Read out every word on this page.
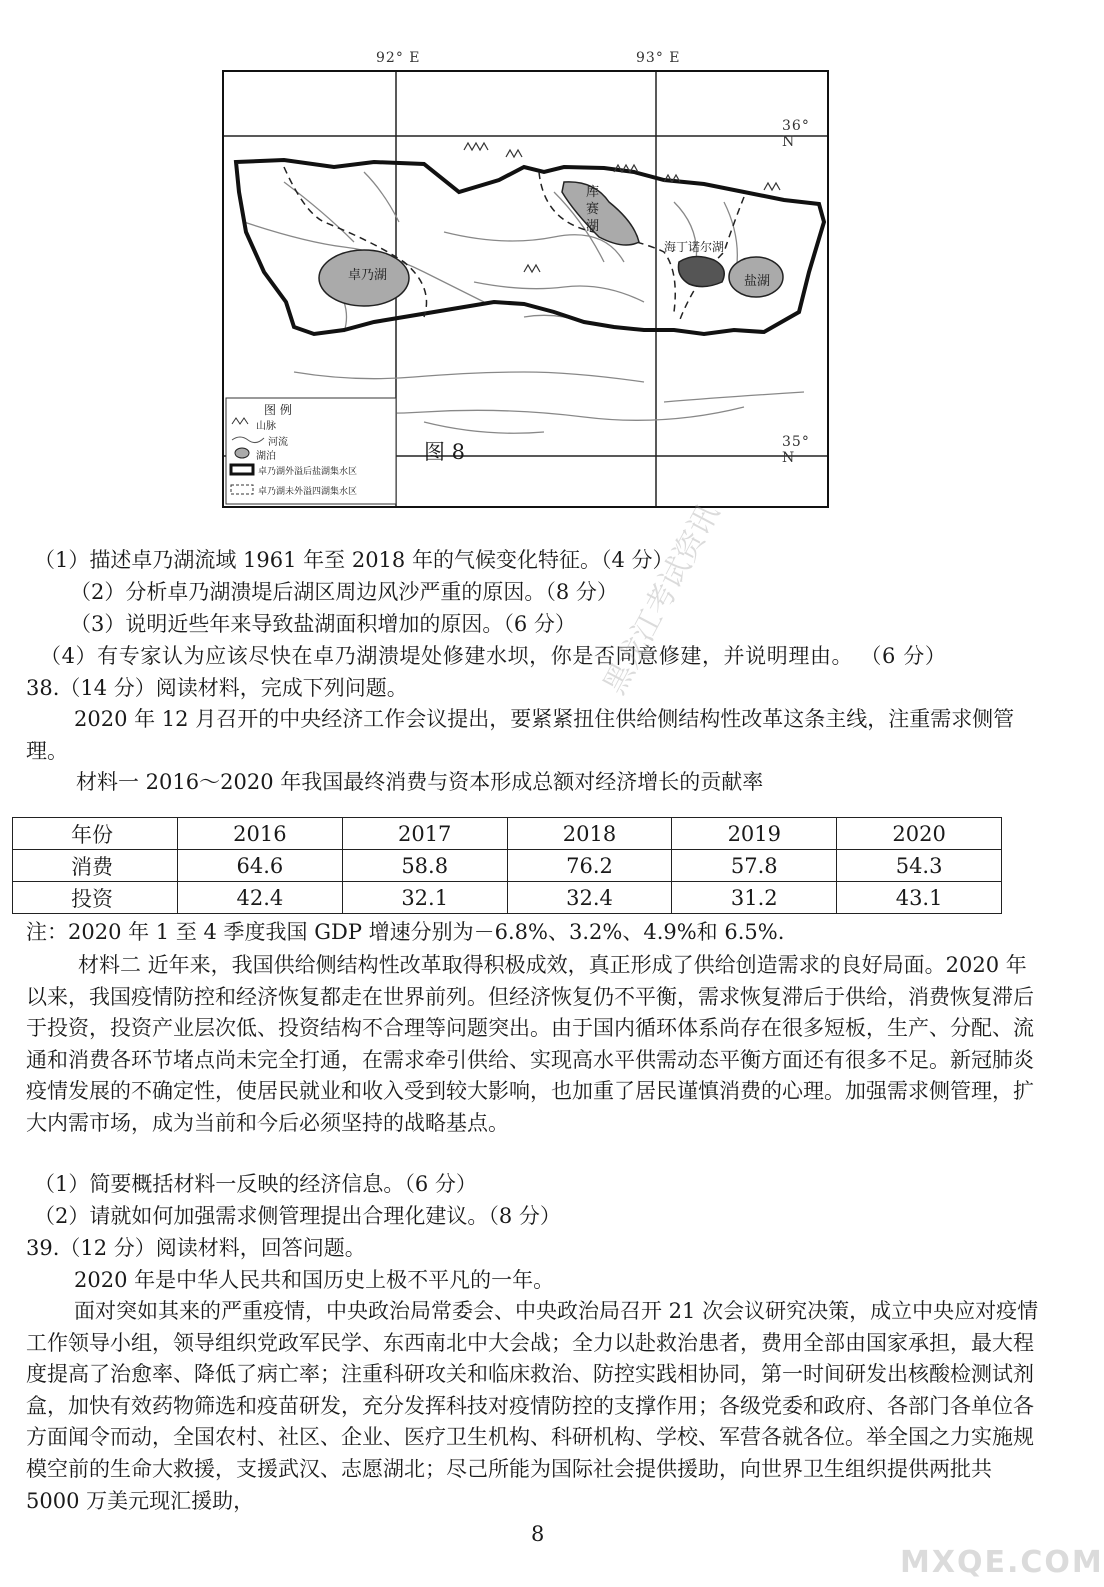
92° E	93° E
36° N
35° N
卓乃湖
库赛湖
海丁诺尔湖
盐湖
图 8
图 例
山脉
河流
湖泊
卓乃湖外溢后盐湖集水区
卓乃湖未外溢四湖集水区
（1）描述卓乃湖流域 1961 年至 2018 年的气候变化特征。（4 分）
（2）分析卓乃湖溃堤后湖区周边风沙严重的原因。（8 分）
（3）说明近些年来导致盐湖面积增加的原因。（6 分）
（4）有专家认为应该尽快在卓乃湖溃堤处修建水坝，你是否同意修建，并说明理由。 （6 分）
38.（14 分）阅读材料，完成下列问题。
2020 年 12 月召开的中央经济工作会议提出，要紧紧扭住供给侧结构性改革这条主线，注重需求侧管理。
材料一 2016～2020 年我国最终消费与资本形成总额对经济增长的贡献率
年份	2016	2017	2018	2019	2020
消费	64.6	58.8	76.2	57.8	54.3
投资	42.4	32.1	32.4	31.2	43.1
注：2020 年 1 至 4 季度我国 GDP 增速分别为－6.8%、3.2%、4.9%和 6.5%.
材料二 近年来，我国供给侧结构性改革取得积极成效，真正形成了供给创造需求的良好局面。2020 年以来，我国疫情防控和经济恢复都走在世界前列。但经济恢复仍不平衡，需求恢复滞后于供给，消费恢复滞后于投资，投资产业层次低、投资结构不合理等问题突出。由于国内循环体系尚存在很多短板，生产、分配、流通和消费各环节堵点尚未完全打通，在需求牵引供给、实现高水平供需动态平衡方面还有很多不足。新冠肺炎疫情发展的不确定性，使居民就业和收入受到较大影响，也加重了居民谨慎消费的心理。加强需求侧管理，扩大内需市场，成为当前和今后必须坚持的战略基点。
（1）简要概括材料一反映的经济信息。（6 分）
（2）请就如何加强需求侧管理提出合理化建议。（8 分）
39.（12 分）阅读材料，回答问题。
2020 年是中华人民共和国历史上极不平凡的一年。
面对突如其来的严重疫情，中央政治局常委会、中央政治局召开 21 次会议研究决策，成立中央应对疫情工作领导小组，领导组织党政军民学、东西南北中大会战；全力以赴救治患者，费用全部由国家承担，最大程度提高了治愈率、降低了病亡率；注重科研攻关和临床救治、防控实践相协同，第一时间研发出核酸检测试剂盒，加快有效药物筛选和疫苗研发，充分发挥科技对疫情防控的支撑作用；各级党委和政府、各部门各单位各方面闻令而动，全国农村、社区、企业、医疗卫生机构、科研机构、学校、军营各就各位。举全国之力实施规模空前的生命大救援，支援武汉、志愿湖北；尽己所能为国际社会提供援助，向世界卫生组织提供两批共 5000 万美元现汇援助，
8
黑龙江考试资讯
MXQE.COM
